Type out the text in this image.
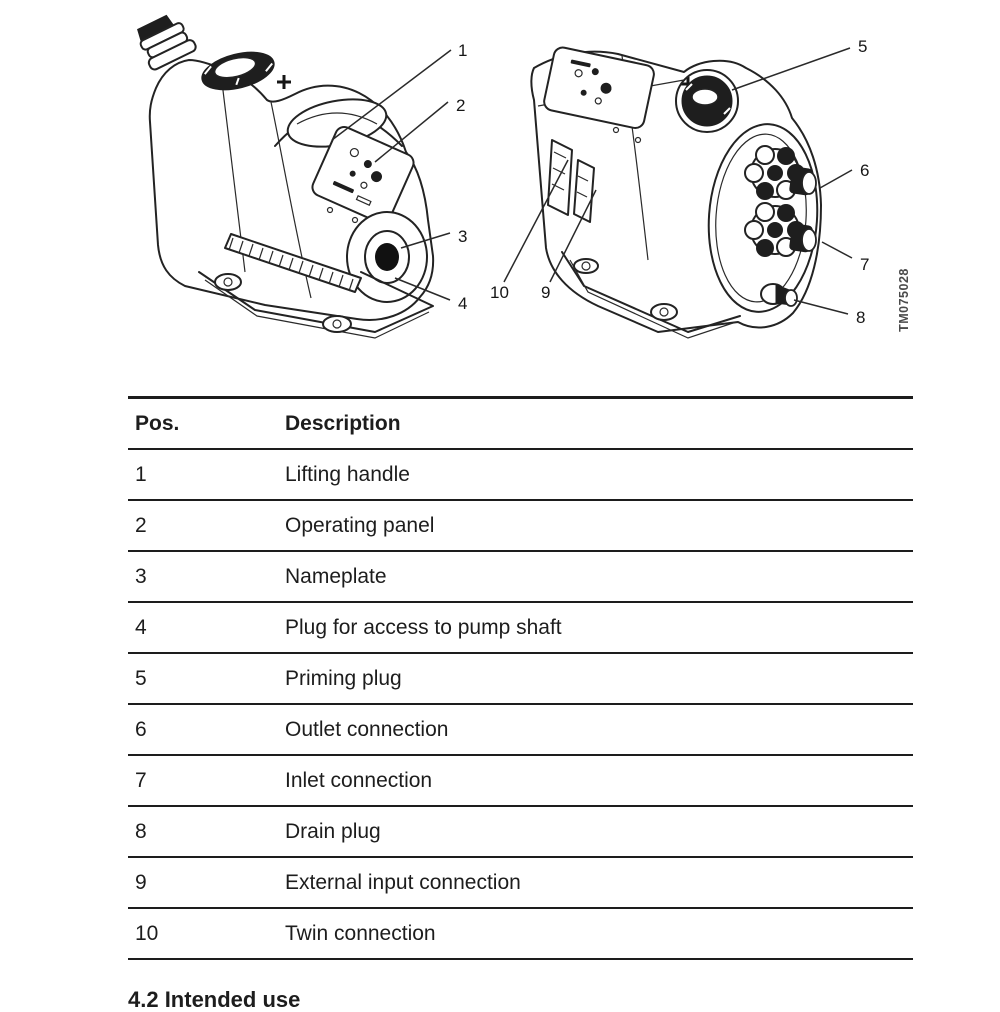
1
2
3
4
5
6
7
8
9
10	TM075028
Pos.	Description
1	Lifting handle
2	Operating panel
3	Nameplate
4	Plug for access to pump shaft
5	Priming plug
6	Outlet connection
7	Inlet connection
8	Drain plug
9	External input connection
10	Twin connection
4.2 Intended use
